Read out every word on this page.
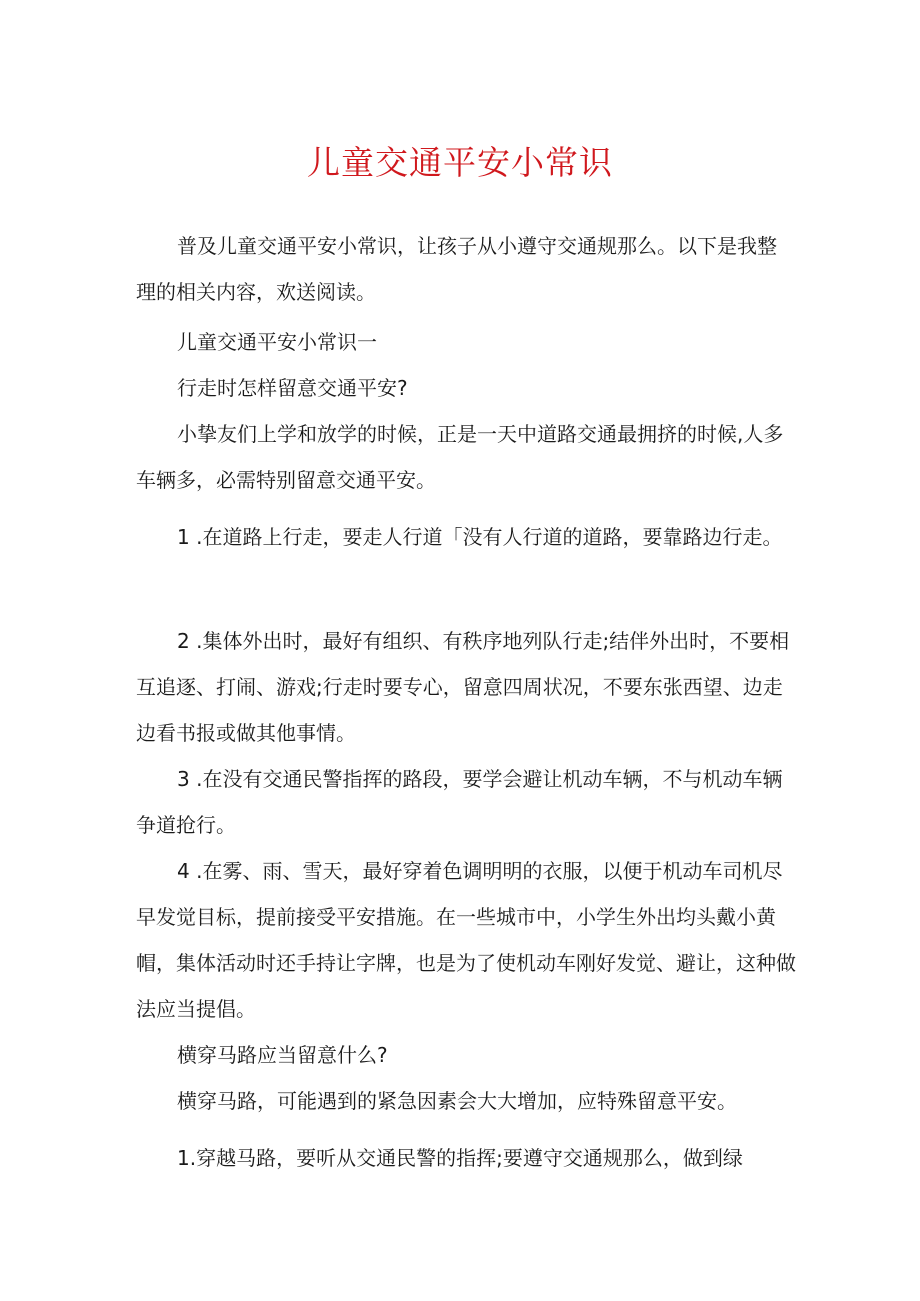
儿童交通平安小常识

普及儿童交通平安小常识，让孩子从小遵守交通规那么。以下是我整理的相关内容，欢送阅读。

儿童交通平安小常识一

行走时怎样留意交通平安?

小挚友们上学和放学的时候，正是一天中道路交通最拥挤的时候,人多车辆多，必需特别留意交通平安。

1 .在道路上行走，要走人行道「没有人行道的道路，要靠路边行走。

2 .集体外出时，最好有组织、有秩序地列队行走;结伴外出时，不要相互追逐、打闹、游戏;行走时要专心，留意四周状况，不要东张西望、边走边看书报或做其他事情。

3 .在没有交通民警指挥的路段，要学会避让机动车辆，不与机动车辆争道抢行。

4 .在雾、雨、雪天，最好穿着色调明明的衣服，以便于机动车司机尽早发觉目标，提前接受平安措施。在一些城市中，小学生外出均头戴小黄帽，集体活动时还手持让字牌，也是为了使机动车刚好发觉、避让，这种做法应当提倡。

横穿马路应当留意什么?

横穿马路，可能遇到的紧急因素会大大增加，应特殊留意平安。

1.穿越马路，要听从交通民警的指挥;要遵守交通规那么，做到绿
